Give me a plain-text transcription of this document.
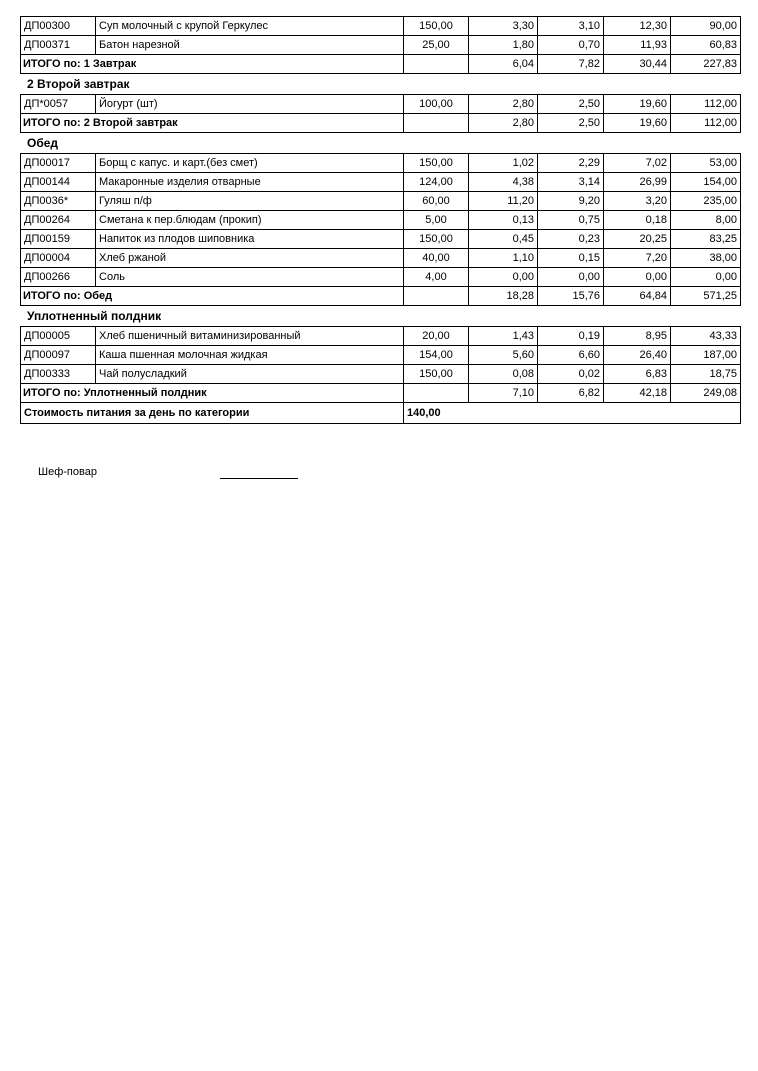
ДП00300	Суп молочный с крупой Геркулес	150,00	3,30	3,10	12,30	90,00
ДП00371	Батон нарезной	25,00	1,80	0,70	11,93	60,83
ИТОГО по: 1 Завтрак			6,04	7,82	30,44	227,83
2 Второй завтрак
ДП*0057	Йогурт (шт)	100,00	2,80	2,50	19,60	112,00
ИТОГО по: 2 Второй завтрак			2,80	2,50	19,60	112,00
Обед
ДП00017	Борщ с капус. и карт.(без смет)	150,00	1,02	2,29	7,02	53,00
ДП00144	Макаронные изделия отварные	124,00	4,38	3,14	26,99	154,00
ДП0036*	Гуляш п/ф	60,00	11,20	9,20	3,20	235,00
ДП00264	Сметана к пер.блюдам (прокип)	5,00	0,13	0,75	0,18	8,00
ДП00159	Напиток из плодов шиповника	150,00	0,45	0,23	20,25	83,25
ДП00004	Хлеб ржаной	40,00	1,10	0,15	7,20	38,00
ДП00266	Соль	4,00	0,00	0,00	0,00	0,00
ИТОГО по: Обед			18,28	15,76	64,84	571,25
Уплотненный полдник
ДП00005	Хлеб пшеничный витаминизированный	20,00	1,43	0,19	8,95	43,33
ДП00097	Каша пшенная молочная жидкая	154,00	5,60	6,60	26,40	187,00
ДП00333	Чай полусладкий	150,00	0,08	0,02	6,83	18,75
ИТОГО по: Уплотненный полдник			7,10	6,82	42,18	249,08
Стоимость питания за день по категории		140,00				
Шеф-повар
